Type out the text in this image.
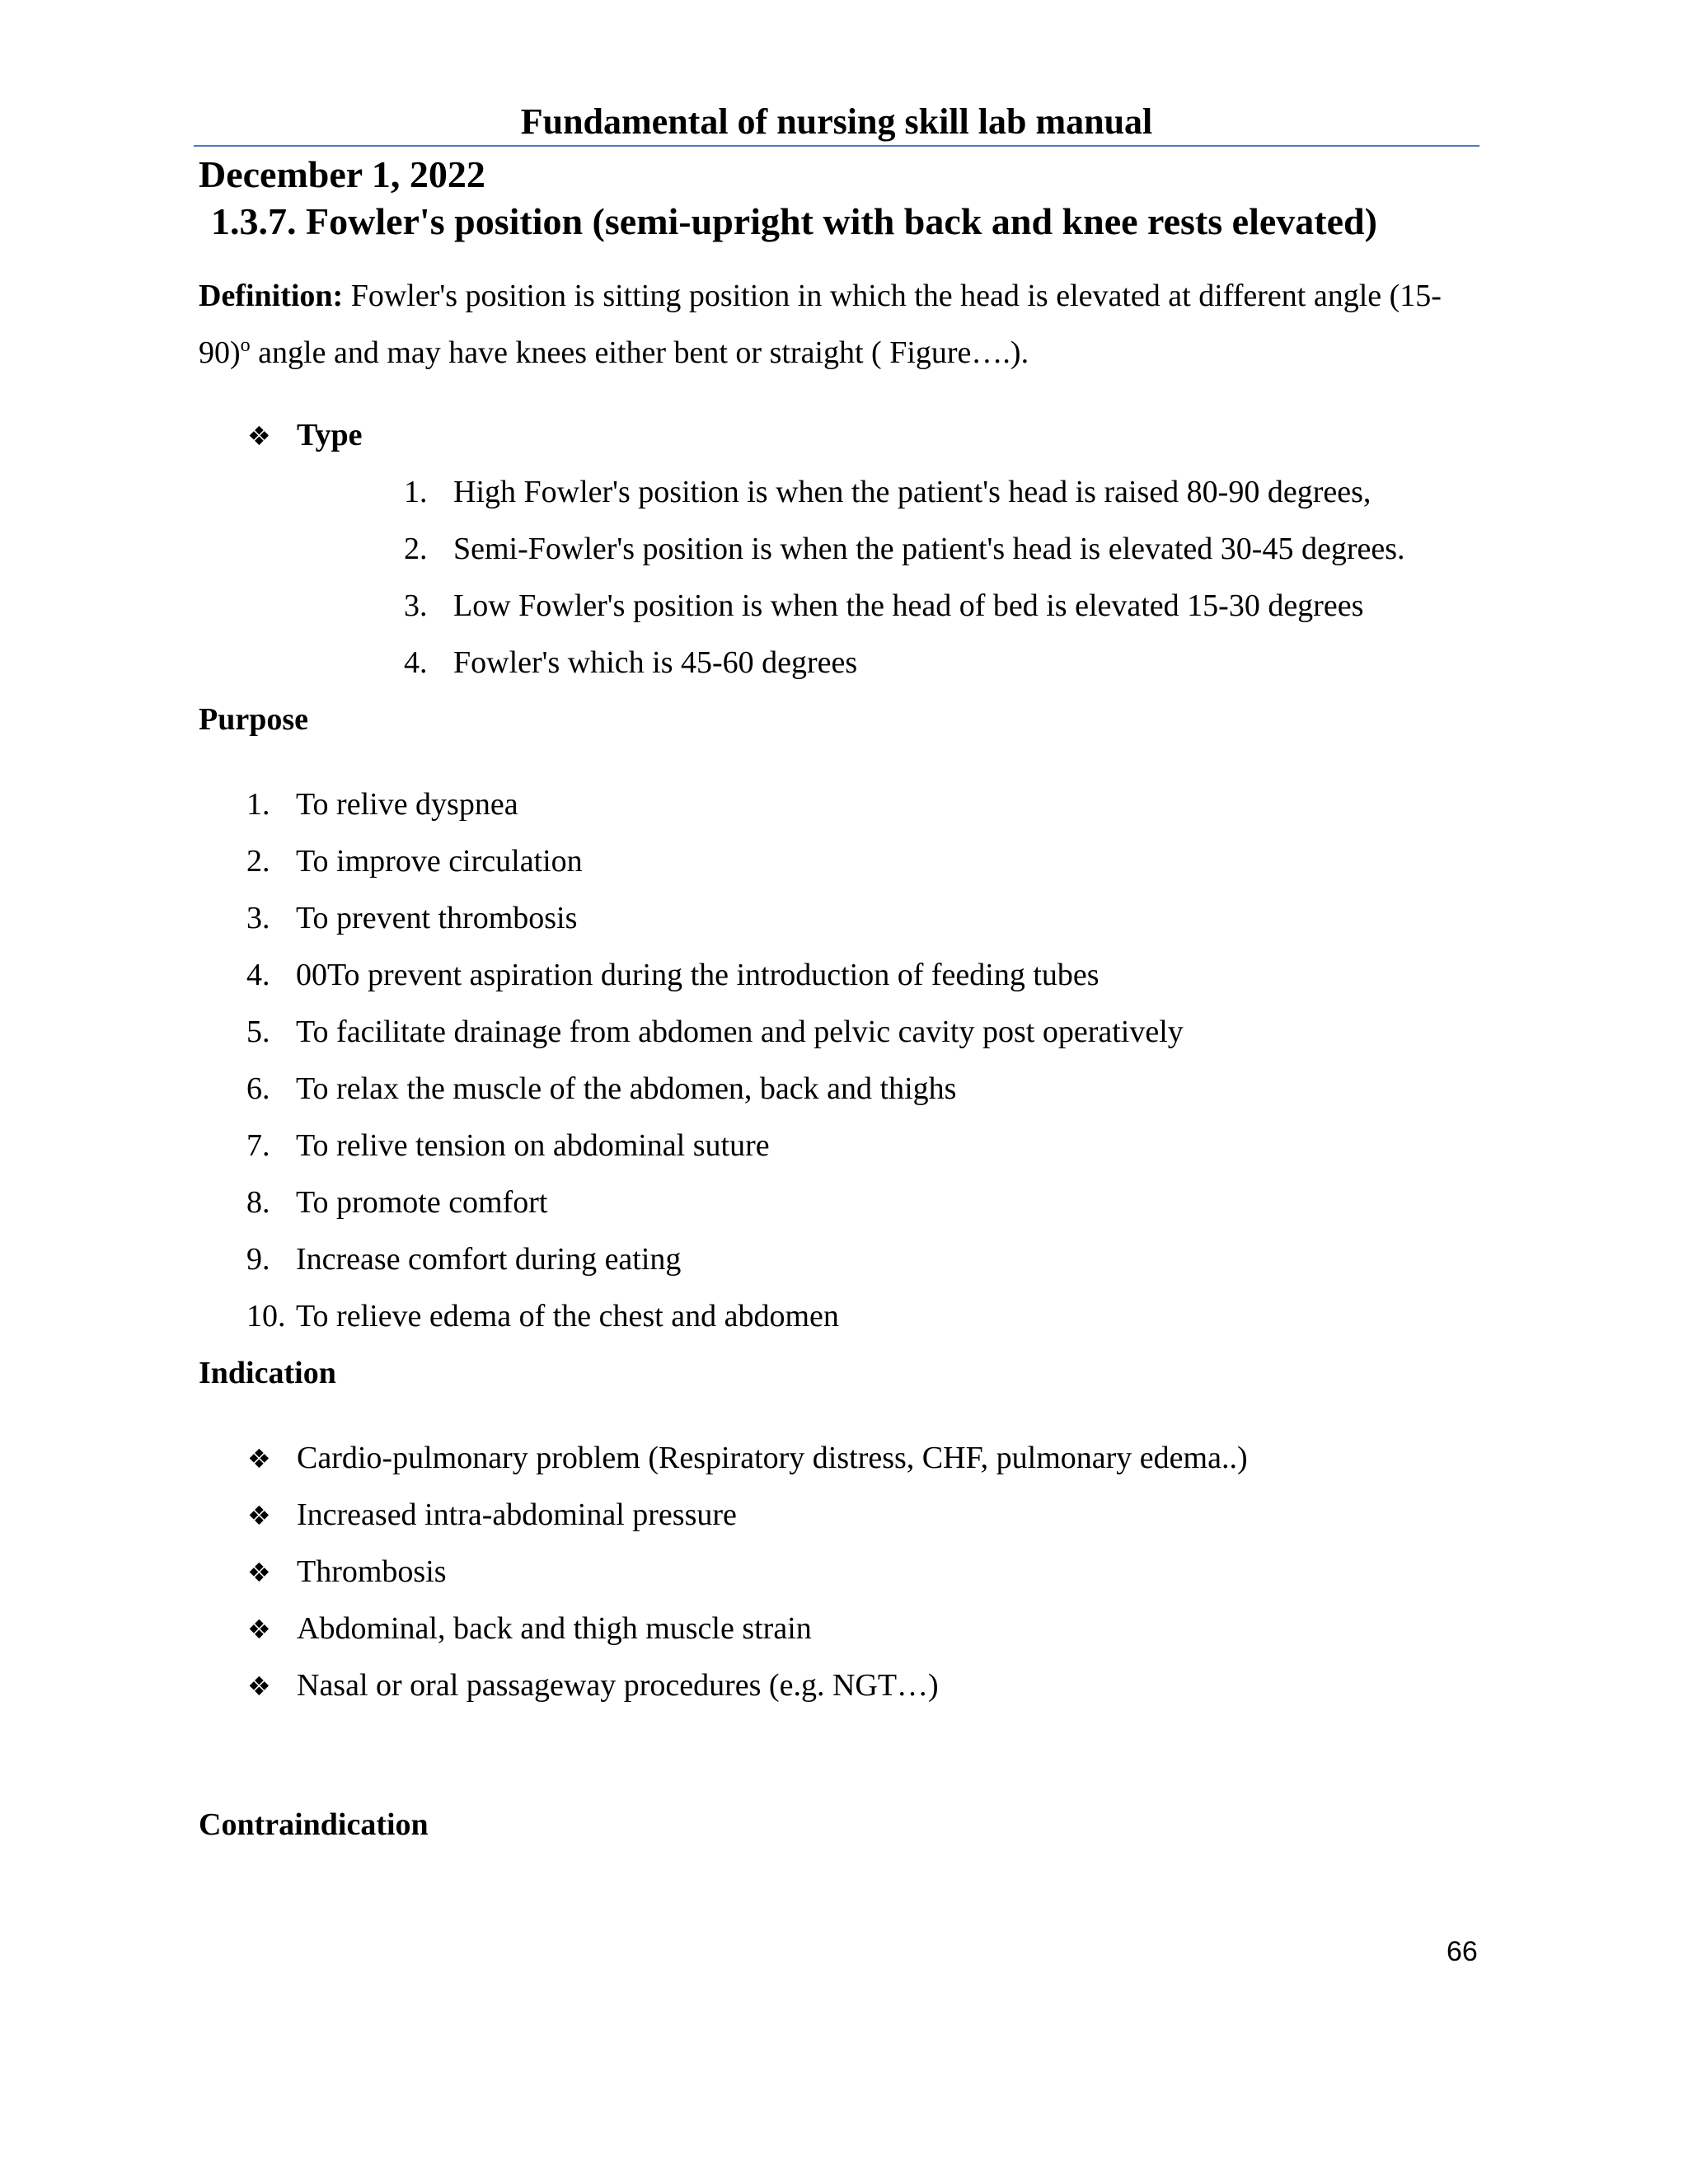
Fundamental of nursing skill lab manual
December 1, 2022
1.3.7. Fowler's position (semi-upright with back and knee rests elevated)
Definition: Fowler's position is sitting position in which the head is elevated at different angle $(15-90)^o$ angle and may have knees either bent or straight ( Figure….).
❖ Type
1. High Fowler's position is when the patient's head is raised 80-90 degrees,
2. Semi-Fowler's position is when the patient's head is elevated 30-45 degrees.
3. Low Fowler's position is when the head of bed is elevated 15-30 degrees
4. Fowler's which is 45-60 degrees
Purpose
1. To relive dyspnea
2. To improve circulation
3. To prevent thrombosis
4. 00To prevent aspiration during the introduction of feeding tubes
5. To facilitate drainage from abdomen and pelvic cavity post operatively
6. To relax the muscle of the abdomen, back and thighs
7. To relive tension on abdominal suture
8. To promote comfort
9. Increase comfort during eating
10. To relieve edema of the chest and abdomen
Indication
❖ Cardio-pulmonary problem (Respiratory distress, CHF, pulmonary edema..)
❖ Increased intra-abdominal pressure
❖ Thrombosis
❖ Abdominal, back and thigh muscle strain
❖ Nasal or oral passageway procedures (e.g. NGT…)
Contraindication
66
